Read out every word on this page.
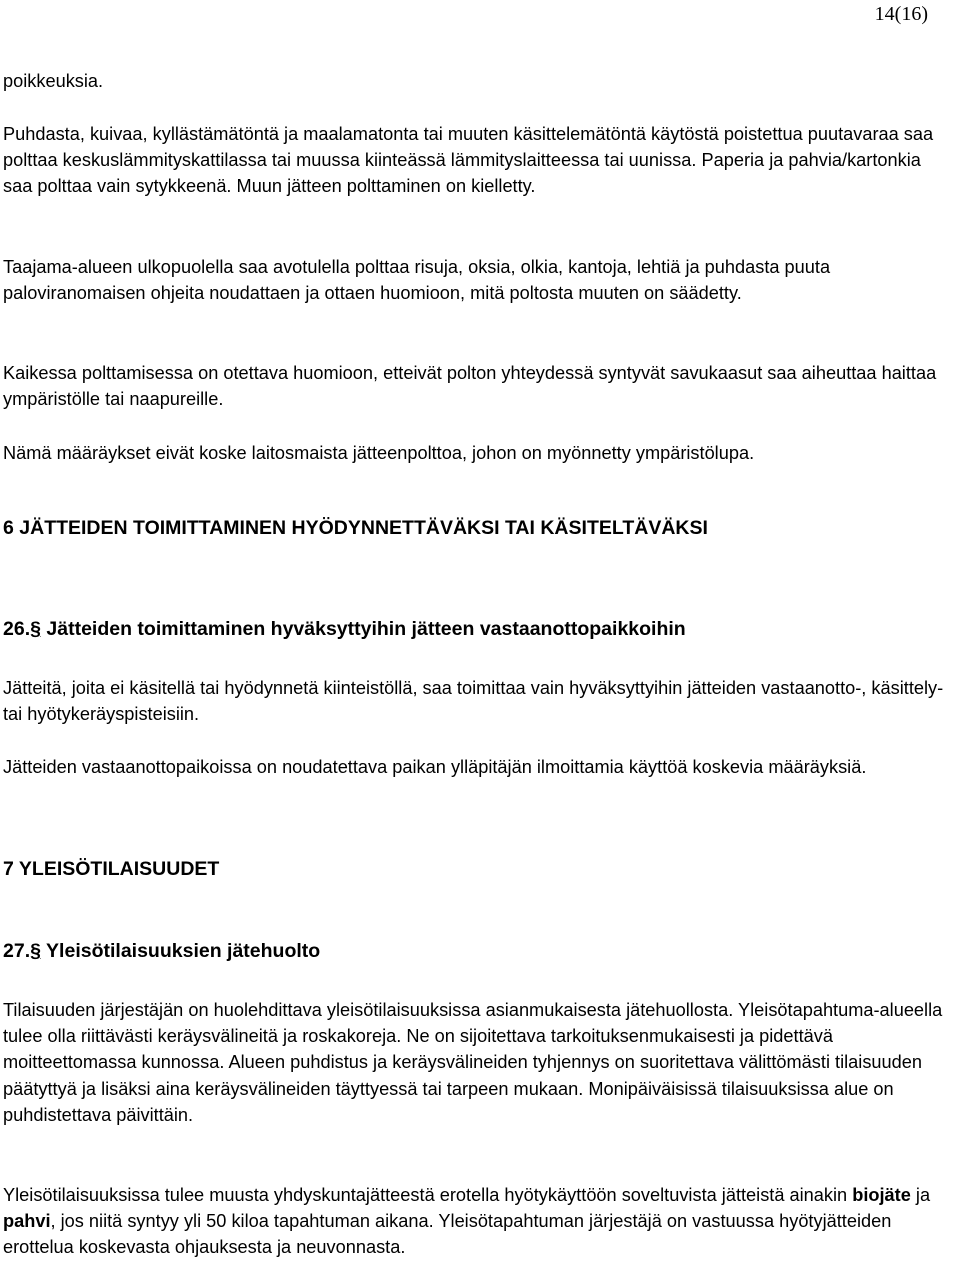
14(16)

poikkeuksia.

Puhdasta, kuivaa, kyllästämätöntä ja maalamatonta tai muuten käsittelemätöntä käytöstä poistettua puutavaraa saa polttaa keskuslämmityskattilassa tai muussa kiinteässä lämmityslaitteessa tai uunissa. Paperia ja pahvia/kartonkia saa polttaa vain sytykkeenä. Muun jätteen polttaminen on kielletty.

Taajama-alueen ulkopuolella saa avotulella polttaa risuja, oksia, olkia, kantoja, lehtiä ja puhdasta puuta paloviranomaisen ohjeita noudattaen ja ottaen huomioon, mitä poltosta muuten on säädetty.

Kaikessa polttamisessa on otettava huomioon, etteivät polton yhteydessä syntyvät savukaasut saa aiheuttaa haittaa ympäristölle tai naapureille.

Nämä määräykset eivät koske laitosmaista jätteenpolttoa, johon on myönnetty ympäristölupa.

6 JÄTTEIDEN TOIMITTAMINEN HYÖDYNNETTÄVÄKSI TAI KÄSITELTÄVÄKSI
26.§ Jätteiden toimittaminen hyväksyttyihin jätteen vastaanottopaikkoihin

Jätteitä, joita ei käsitellä tai hyödynnetä kiinteistöllä, saa toimittaa vain hyväksyttyihin jätteiden vastaanotto-, käsittely- tai hyötykeräyspisteisiin.

Jätteiden vastaanottopaikoissa on noudatettava paikan ylläpitäjän ilmoittamia käyttöä koskevia määräyksiä.

7 YLEISÖTILAISUUDET
27.§ Yleisötilaisuuksien jätehuolto

Tilaisuuden järjestäjän on huolehdittava yleisötilaisuuksissa asianmukaisesta jätehuollosta. Yleisötapahtuma-alueella tulee olla riittävästi keräysvälineitä ja roskakoreja. Ne on sijoitettava tarkoituksenmukaisesti ja pidettävä moitteettomassa kunnossa. Alueen puhdistus ja keräysvälineiden tyhjennys on suoritettava välittömästi tilaisuuden päätyttyä ja lisäksi aina keräysvälineiden täyttyessä tai tarpeen mukaan. Monipäiväisissä tilaisuuksissa alue on puhdistettava päivittäin.

Yleisötilaisuuksissa tulee muusta yhdyskuntajätteestä erotella hyötykäyttöön soveltuvista jätteistä ainakin biojäte ja pahvi, jos niitä syntyy yli 50 kiloa tapahtuman aikana. Yleisötapahtuman järjestäjä on vastuussa hyötyjätteiden erottelua koskevasta ohjauksesta ja neuvonnasta.
